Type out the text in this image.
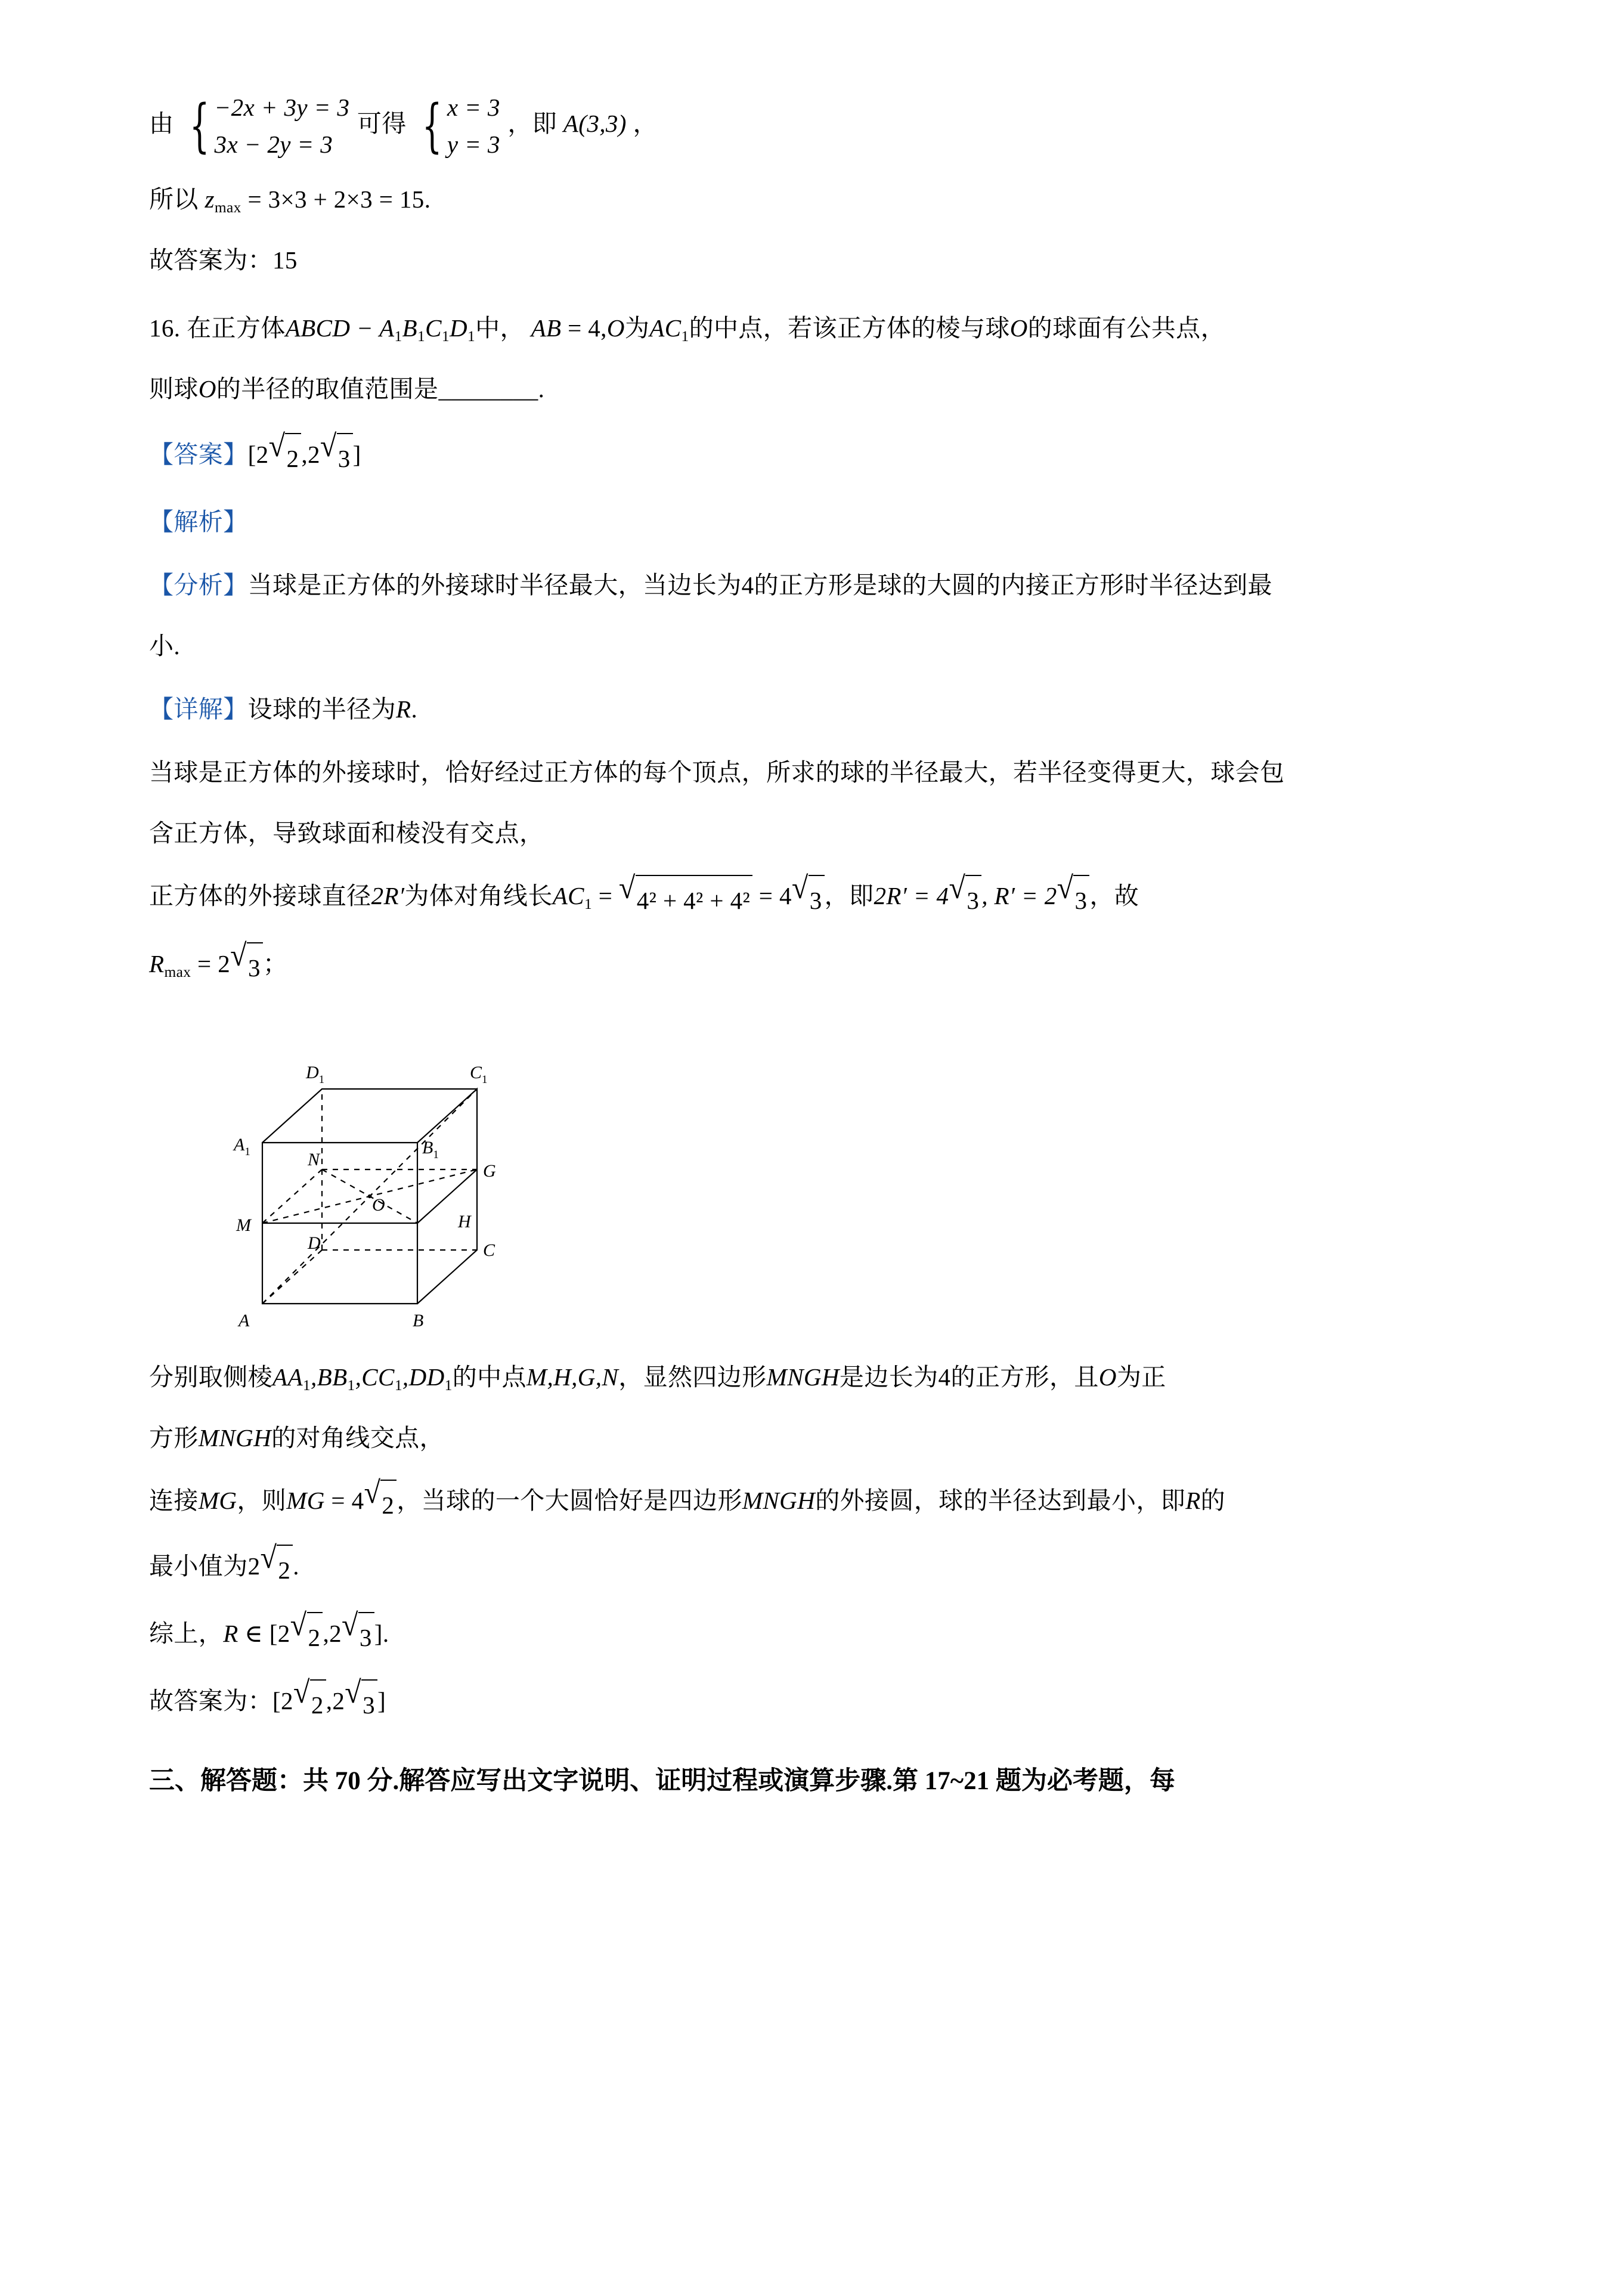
由 { −2x + 3y = 3
3x − 2y = 3
可得 { x = 3
y = 3
，即 A(3,3) ，
所以 $z_{max} = 3\times 3 + 2\times 3 = 15$.
故答案为：15
16. 在正方体ABCD − $A_1B_1C_1D_1$中， AB = 4,O为$AC_1$的中点，若该正方体的棱与球O的球面有公共点，
则球O的半径的取值范围是________.
【答案】[2 √ 2 ,2 √ 3 ]
【解析】
【分析】当球是正方体的外接球时半径最大，当边长为4的正方形是球的大圆的内接正方形时半径达到最
小.
【详解】设球的半径为R.
当球是正方体的外接球时，恰好经过正方体的每个顶点，所求的球的半径最大，若半径变得更大，球会包
含正方体，导致球面和棱没有交点，
正方体的外接球直径2R′为体对角线长$AC_1$ = √ 4² + 4² + 4² = 4 √ 3 ，即2R′ = 4 √ 3 , R′ = 2 √ 3 ，故
$R_{max} = 2$ √ 3 ；
$D_1$	$C_1$
$A_1$	$B_1$
N
G
M
O
D
H
C
A	B
分别取侧棱$AA_1,BB_1,CC_1,DD_1$的中点M,H,G,N，显然四边形MNGH是边长为4的正方形，且O为正
方形MNGH的对角线交点，
连接MG，则MG = 4 √ 2 ，当球的一个大圆恰好是四边形MNGH的外接圆，球的半径达到最小，即R的
最小值为2 √ 2 .
综上，R ∈ [2 √ 2 ,2 √ 3 ].
故答案为：[2 √ 2 ,2 √ 3 ]
三、解答题：共 70 分.解答应写出文字说明、证明过程或演算步骤.第 17~21 题为必考题，每
